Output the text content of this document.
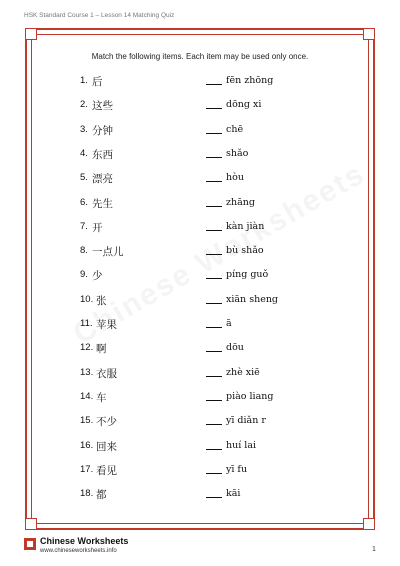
HSK Standard Course 1 – Lesson 14 Matching Quiz
Match the following items. Each item may be used only once.
1. 后	fēn zhōng
2. 这些	dōng xi
3. 分钟	chē
4. 东西	shǎo
5. 漂亮	hòu
6. 先生	zhāng
7. 开	kàn jiàn
8. 一点儿	bù shǎo
9. 少	píng guǒ
10. 张	xiān sheng
11. 苹果	ā
12. 啊	dōu
13. 衣服	zhè xiē
14. 车	piào liang
15. 不少	yī diǎn r
16. 回来	huí lai
17. 看见	yī fu
18. 都	kāi
Chinese Worksheets
www.chineseworksheets.info	1
